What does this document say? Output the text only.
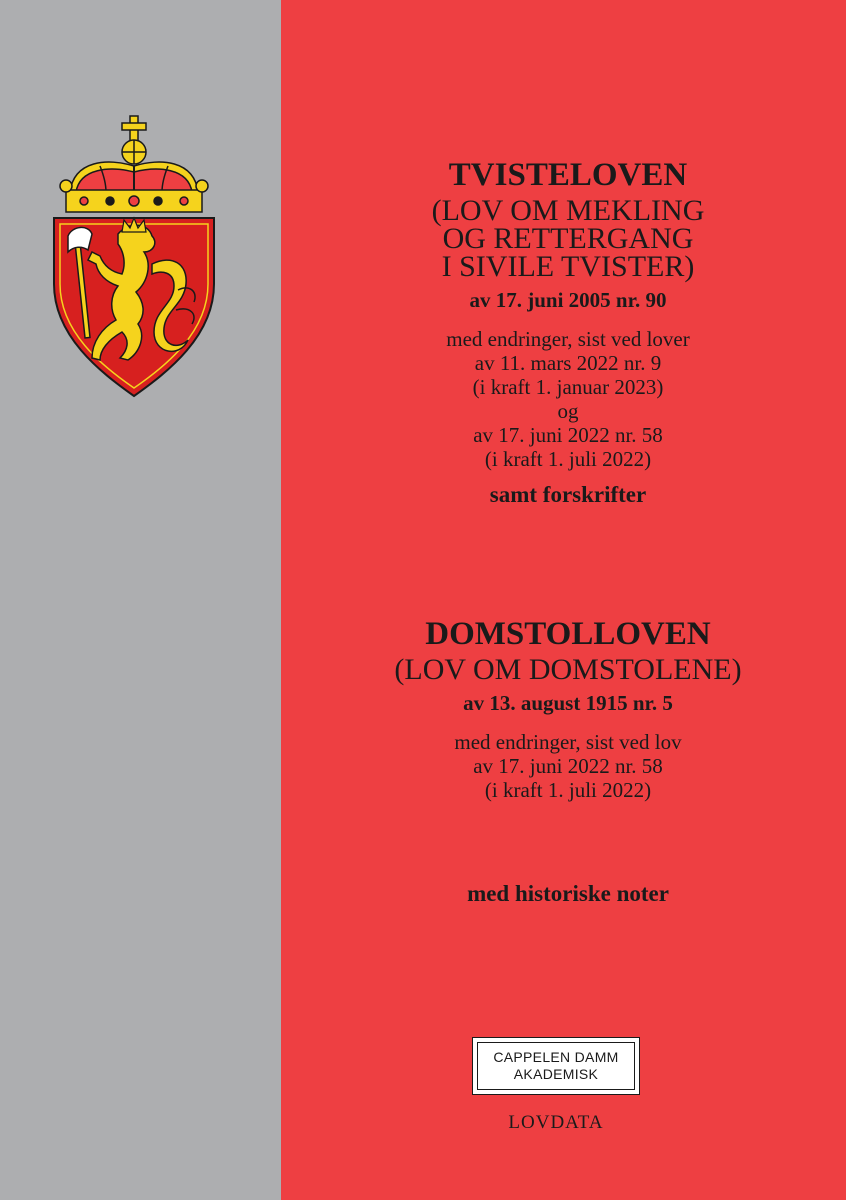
TVISTELOVEN
(LOV OM MEKLING
OG RETTERGANG
I SIVILE TVISTER)
av 17. juni 2005 nr. 90
med endringer, sist ved lover
av 11. mars 2022 nr. 9
(i kraft 1. januar 2023)
og
av 17. juni 2022 nr. 58
(i kraft 1. juli 2022)
samt forskrifter
DOMSTOLLOVEN
(LOV OM DOMSTOLENE)
av 13. august 1915 nr. 5
med endringer, sist ved lov
av 17. juni 2022 nr. 58
(i kraft 1. juli 2022)
med historiske noter
CAPPELEN DAMM
AKADEMISK
LOVDATA
